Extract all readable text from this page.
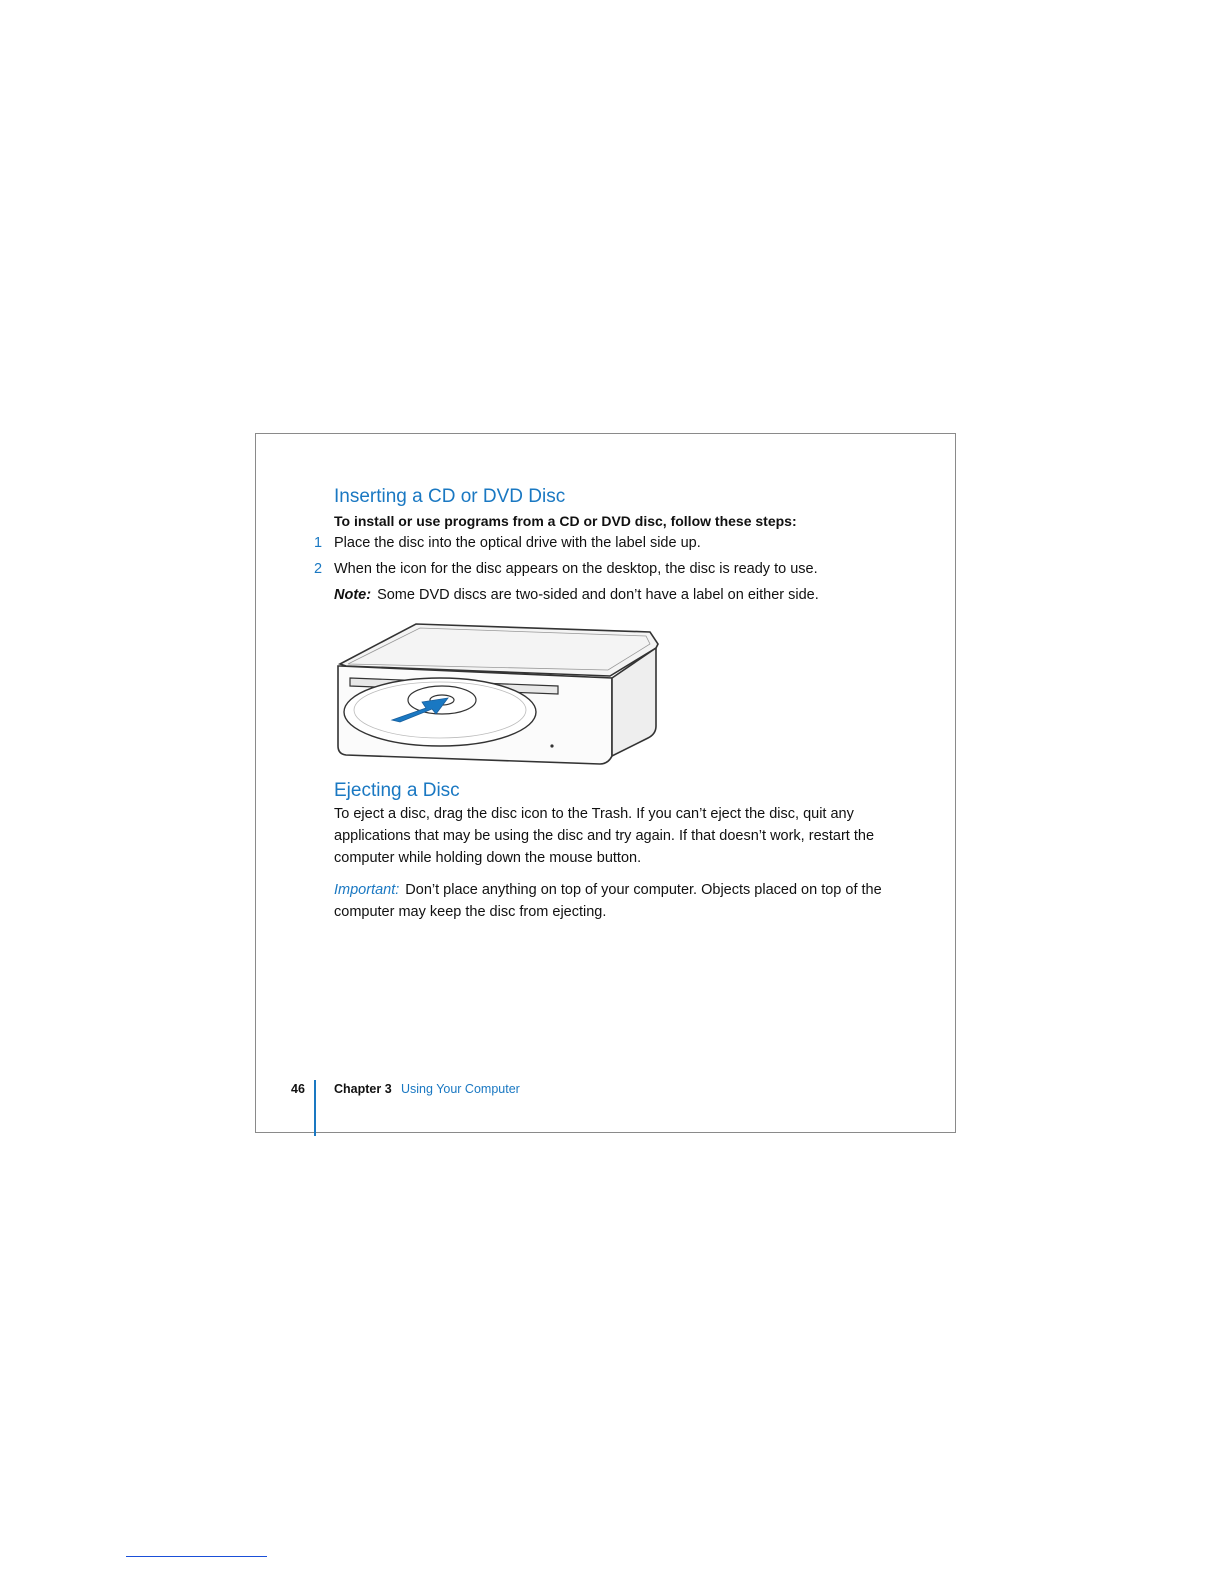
Inserting a CD or DVD Disc
To install or use programs from a CD or DVD disc, follow these steps:
1 Place the disc into the optical drive with the label side up.
2 When the icon for the disc appears on the desktop, the disc is ready to use.
Note: Some DVD discs are two-sided and don’t have a label on either side.
Ejecting a Disc

To eject a disc, drag the disc icon to the Trash. If you can’t eject the disc, quit any applications that may be using the disc and try again. If that doesn’t work, restart the computer while holding down the mouse button.

Important: Don’t place anything on top of your computer. Objects placed on top of the computer may keep the disc from ejecting.

46 Chapter 3 Using Your Computer
